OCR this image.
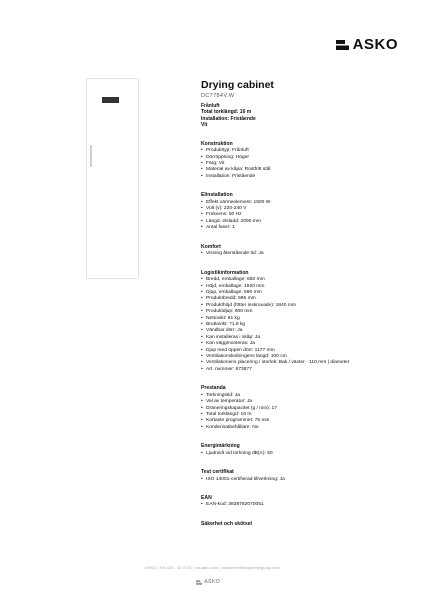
ASKO
Drying cabinet
DC7784V.W
Frånluft
Total torklängd: 16 m
Installation: Fristående
Vit
Konstruktion
• Produkttyp: Frånluft
• Dörröppning: Höger
• Färg: Vit
• Material av kåpa: Rostfritt stål
• Installation: Fristående
Elinstallation
• Effekt värmeelement: 1500 W
• Volt (v): 220-240 V
• Frekvens: 50 Hz
• Längd, elsladd: 2090 mm
• Antal faser: 1
Komfort
• Visning återstående tid: Ja
Logistikinformation
• Bredd, emballage: 650 mm
• Höjd, emballage: 1920 mm
• Djup, emballage: 690 mm
• Produktbredd: 595 mm
• Produkthöjd (fötter inskruvade): 1840 mm
• Produktdjup: 600 mm
• Nettovikt: 61 kg
• Bruttovikt: 71.8 kg
• Vändbar dörr: Ja
• Kan installeras i skåp: Ja
• Kan väggmonteras: Ja
• Djup med öppen dörr: 1177 mm
• Ventilationsledningens längd: 100 cm
• Ventilationens placering / storlek: Bak / växter - 110 mm | diameter
• Art. nummer: 673877
Prestanda
• Torkningstid: Ja
• Val av temperatur: Ja
• Dräneringskapacitet (g / min): 17
• Total torklängd: 16 m
• Kortaste programmet: 75 min
• Kondensatbehållare: No
Energimärkning
• Ljudnivå vid torkning dB(A): 60
Test certifikat
• ISO 14001-certifierad tillverkning: Ja
EAN
• EAN-kod: 3838782070051
Säkerhet och skötsel
ASKO | Tel: 020 - 10 72 60 | se.asko.com | konsumentinfogorenjegroup.com
ASKO
